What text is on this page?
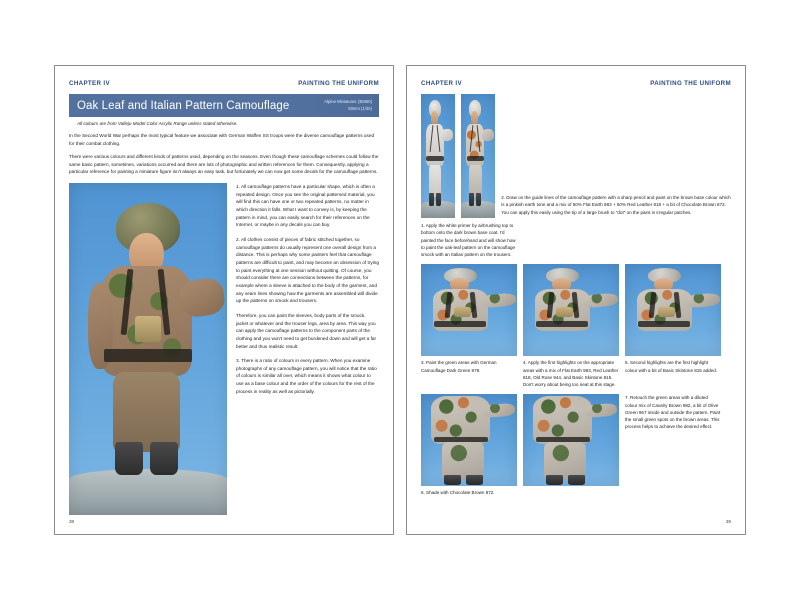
CHAPTER IV	PAINTING THE UNIFORM
Oak Leaf and Italian Pattern Camouflage	Alpine Miniatures (35060)
50mm (1/35)
All colours are from Vallejo Model Color Acrylic Range unless stated otherwise.
In the Second World War perhaps the most typical feature we associate with German Waffen SS troops were the diverse camouflage patterns used for their combat clothing.
There were various colours and different kinds of patterns used, depending on the seasons. Even though these camouflage schemes could follow the same basic pattern, sometimes, variations occurred and there are lots of photographic and written references for them. Consequently, applying a particular reference for painting a miniature figure isn't always an easy task, but fortunately we can now get some decals for the camouflage patterns.

1. All camouflage patterns have a particular shape, which is often a repeated design. Once you see the original patterned material, you will find this can have one or two repeated patterns, no matter in which direction it falls. What I want to convey is, by keeping the pattern in mind, you can easily search for their references on the Internet, or maybe in any decals you can buy.

2. All clothes consist of pieces of fabric stitched together, so camouflage patterns do usually represent one overall design from a distance. This is perhaps why some painters feel that camouflage patterns are difficult to paint, and may become an obsession of trying to paint everything at one session without quitting. Of course, you should consider there are connections between the patterns, for example where a sleeve is attached to the body of the garment, and any seam lines showing how the garments are assembled will divide up the patterns on smock and trousers.

Therefore, you can paint the sleeves, body parts of the smock, jacket or whatever and the trouser legs, area by area. This way you can apply the camouflage patterns to the component parts of the clothing and you won't need to get burdened down and will get a far better and thus realistic result.

3. There is a ratio of colours in every pattern. When you examine photographs of any camouflage pattern, you will notice that the ratio of colours is similar all over, which means it shows what colour to use as a base colour and the order of the colours for the rest of the process in reality as well as pictorially.

38
CHAPTER IV	PAINTING THE UNIFORM
2. Draw on the guide lines of the camouflage pattern with a sharp pencil and paint on the brown base colour which is a pinkish earth tone and a mix of 50% Flat Earth 983 + 50% Red Leather 818 + a bit of Chocolate Brown 872. You can apply this easily using the tip of a large brush to "dot" on the paint in irregular patches.
1. Apply the white primer by airbrushing top to bottom onto the dark brown base coat. I'd painted the face beforehand and will show how to paint the oak-leaf pattern on the camouflage smock with an Italian pattern on the trousers.
3. Paint the green areas with German Camouflage Dark Green 979.
4. Apply the first highlights on the appropriate areas with a mix of Flat Earth 983, Red Leather 818, Old Rose 944, and Basic Skintone 815. Don't worry about being too neat at this stage.
5. Second highlights are the first highlight colour with a bit of Basic Skintone 815 added.
7. Retouch the green areas with a diluted colour mix of Cavalry Brown 982, a bit of Olive Green 967 inside and outside the pattern. Paint the small green spots on the brown areas. This process helps to achieve the desired effect.
6. Shade with Chocolate Brown 872.
39
